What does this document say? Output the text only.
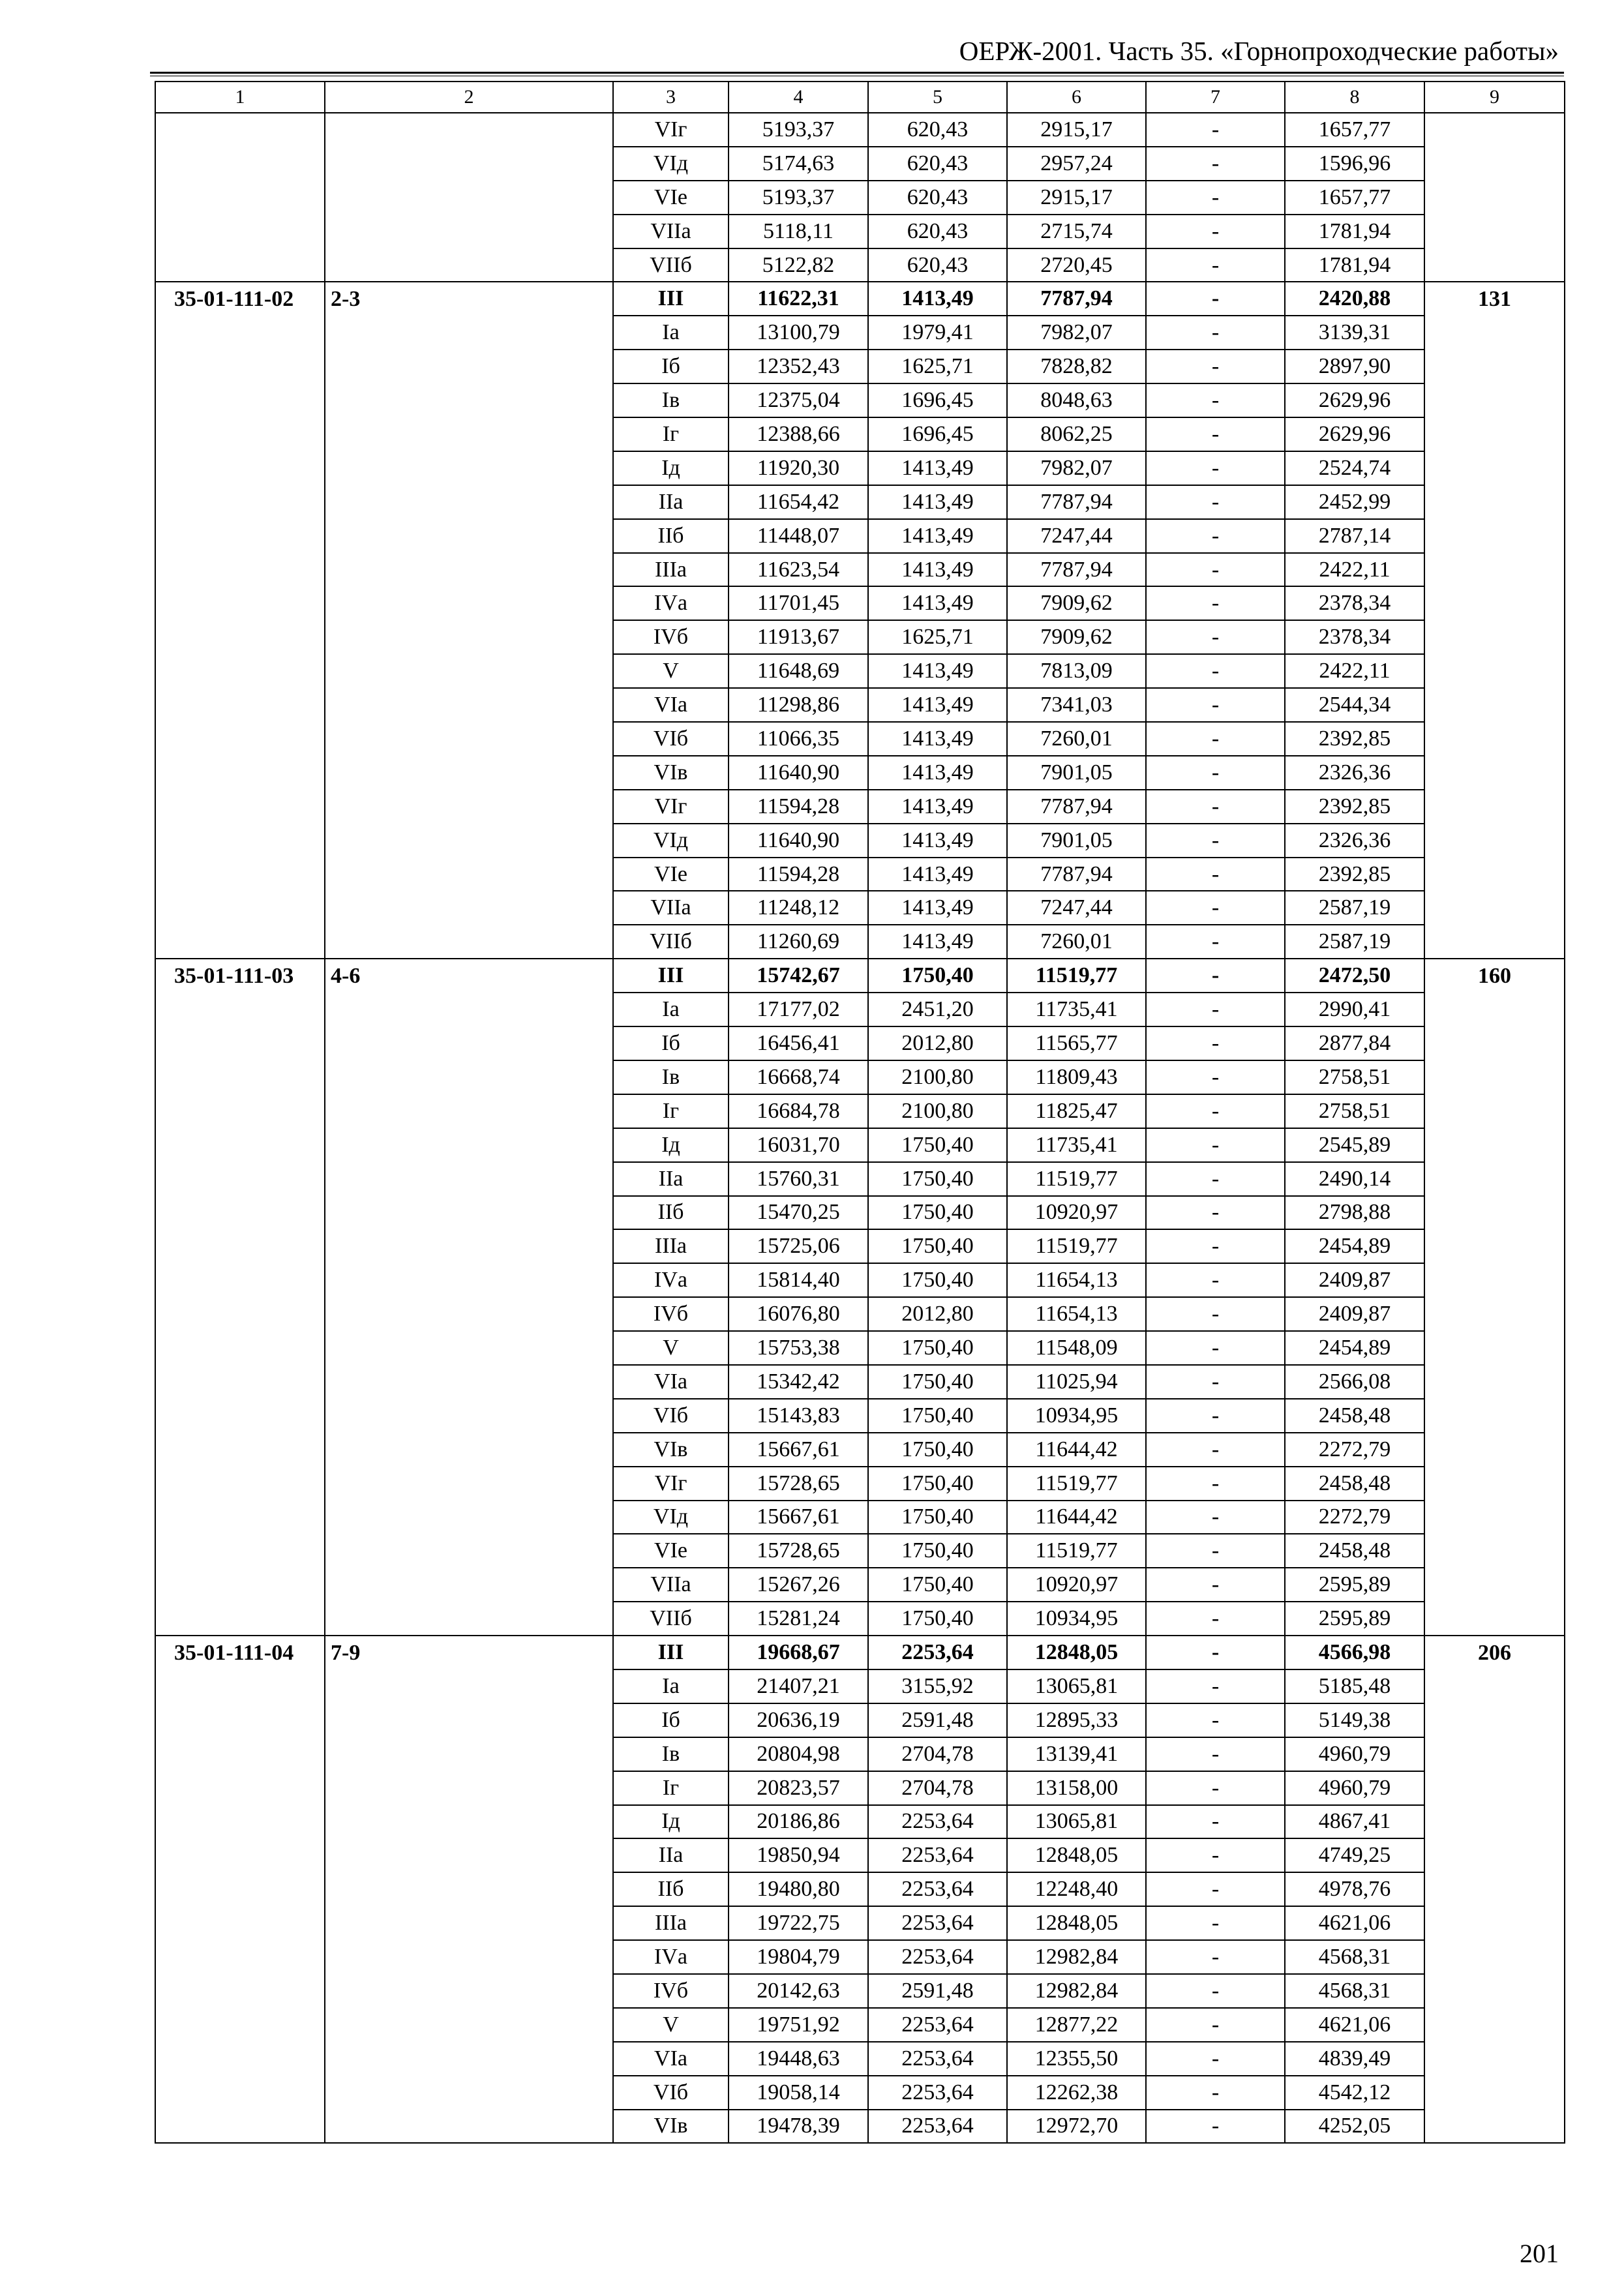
ОЕРЖ-2001. Часть 35. «Горнопроходческие работы»
1	2	3	4	5	6	7	8	9
		VIг	5193,37	620,43	2915,17	-	1657,77	
		VIд	5174,63	620,43	2957,24	-	1596,96	
		VIе	5193,37	620,43	2915,17	-	1657,77	
		VIIа	5118,11	620,43	2715,74	-	1781,94	
		VIIб	5122,82	620,43	2720,45	-	1781,94	
35-01-111-02	2-3	III	11622,31	1413,49	7787,94	-	2420,88	131
		Iа	13100,79	1979,41	7982,07	-	3139,31	
		Iб	12352,43	1625,71	7828,82	-	2897,90	
		Iв	12375,04	1696,45	8048,63	-	2629,96	
		Iг	12388,66	1696,45	8062,25	-	2629,96	
		Iд	11920,30	1413,49	7982,07	-	2524,74	
		IIа	11654,42	1413,49	7787,94	-	2452,99	
		IIб	11448,07	1413,49	7247,44	-	2787,14	
		IIIа	11623,54	1413,49	7787,94	-	2422,11	
		IVа	11701,45	1413,49	7909,62	-	2378,34	
		IVб	11913,67	1625,71	7909,62	-	2378,34	
		V	11648,69	1413,49	7813,09	-	2422,11	
		VIа	11298,86	1413,49	7341,03	-	2544,34	
		VIб	11066,35	1413,49	7260,01	-	2392,85	
		VIв	11640,90	1413,49	7901,05	-	2326,36	
		VIг	11594,28	1413,49	7787,94	-	2392,85	
		VIд	11640,90	1413,49	7901,05	-	2326,36	
		VIе	11594,28	1413,49	7787,94	-	2392,85	
		VIIа	11248,12	1413,49	7247,44	-	2587,19	
		VIIб	11260,69	1413,49	7260,01	-	2587,19	
35-01-111-03	4-6	III	15742,67	1750,40	11519,77	-	2472,50	160
		Iа	17177,02	2451,20	11735,41	-	2990,41	
		Iб	16456,41	2012,80	11565,77	-	2877,84	
		Iв	16668,74	2100,80	11809,43	-	2758,51	
		Iг	16684,78	2100,80	11825,47	-	2758,51	
		Iд	16031,70	1750,40	11735,41	-	2545,89	
		IIа	15760,31	1750,40	11519,77	-	2490,14	
		IIб	15470,25	1750,40	10920,97	-	2798,88	
		IIIа	15725,06	1750,40	11519,77	-	2454,89	
		IVа	15814,40	1750,40	11654,13	-	2409,87	
		IVб	16076,80	2012,80	11654,13	-	2409,87	
		V	15753,38	1750,40	11548,09	-	2454,89	
		VIа	15342,42	1750,40	11025,94	-	2566,08	
		VIб	15143,83	1750,40	10934,95	-	2458,48	
		VIв	15667,61	1750,40	11644,42	-	2272,79	
		VIг	15728,65	1750,40	11519,77	-	2458,48	
		VIд	15667,61	1750,40	11644,42	-	2272,79	
		VIе	15728,65	1750,40	11519,77	-	2458,48	
		VIIа	15267,26	1750,40	10920,97	-	2595,89	
		VIIб	15281,24	1750,40	10934,95	-	2595,89	
35-01-111-04	7-9	III	19668,67	2253,64	12848,05	-	4566,98	206
		Iа	21407,21	3155,92	13065,81	-	5185,48	
		Iб	20636,19	2591,48	12895,33	-	5149,38	
		Iв	20804,98	2704,78	13139,41	-	4960,79	
		Iг	20823,57	2704,78	13158,00	-	4960,79	
		Iд	20186,86	2253,64	13065,81	-	4867,41	
		IIа	19850,94	2253,64	12848,05	-	4749,25	
		IIб	19480,80	2253,64	12248,40	-	4978,76	
		IIIа	19722,75	2253,64	12848,05	-	4621,06	
		IVа	19804,79	2253,64	12982,84	-	4568,31	
		IVб	20142,63	2591,48	12982,84	-	4568,31	
		V	19751,92	2253,64	12877,22	-	4621,06	
		VIа	19448,63	2253,64	12355,50	-	4839,49	
		VIб	19058,14	2253,64	12262,38	-	4542,12	
		VIв	19478,39	2253,64	12972,70	-	4252,05	
201
